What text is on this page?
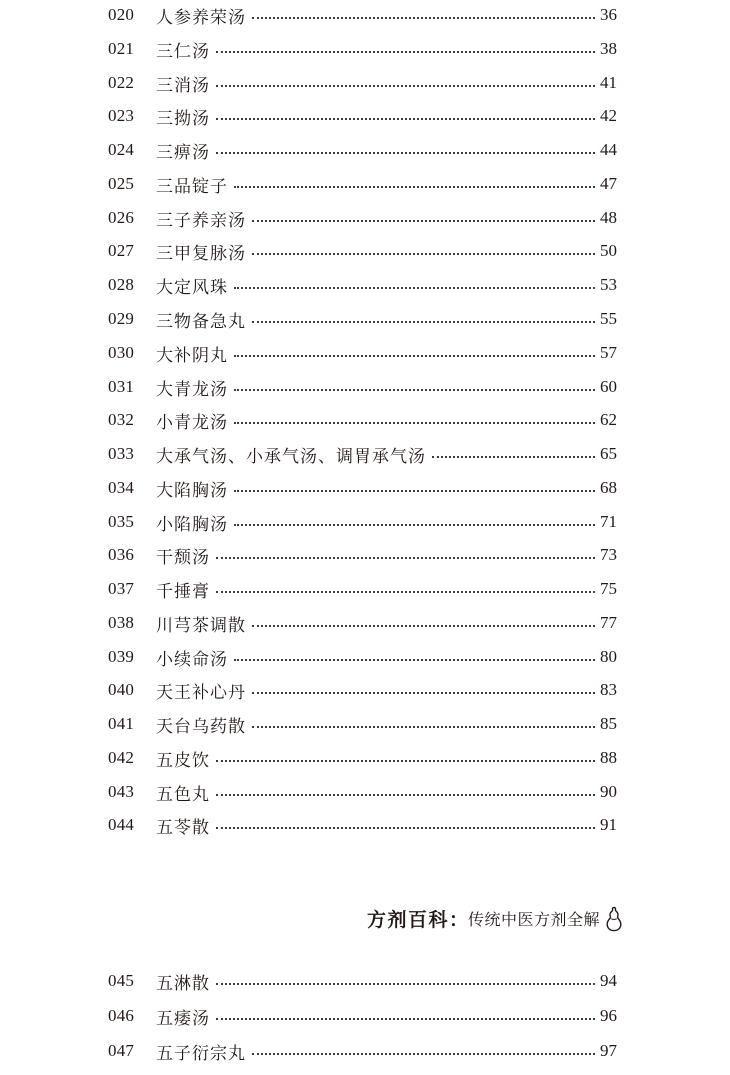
020	人参养荣汤	36
021	三仁汤	38
022	三消汤	41
023	三拗汤	42
024	三痹汤	44
025	三品锭子	47
026	三子养亲汤	48
027	三甲复脉汤	50
028	大定风珠	53
029	三物备急丸	55
030	大补阴丸	57
031	大青龙汤	60
032	小青龙汤	62
033	大承气汤、小承气汤、调胃承气汤	65
034	大陷胸汤	68
035	小陷胸汤	71
036	干颓汤	73
037	千捶膏	75
038	川芎茶调散	77
039	小续命汤	80
040	天王补心丹	83
041	天台乌药散	85
042	五皮饮	88
043	五色丸	90
044	五苓散	91
方剂百科 ： 传统中医方剂全解
045	五淋散	94
046	五痿汤	96
047	五子衍宗丸	97
